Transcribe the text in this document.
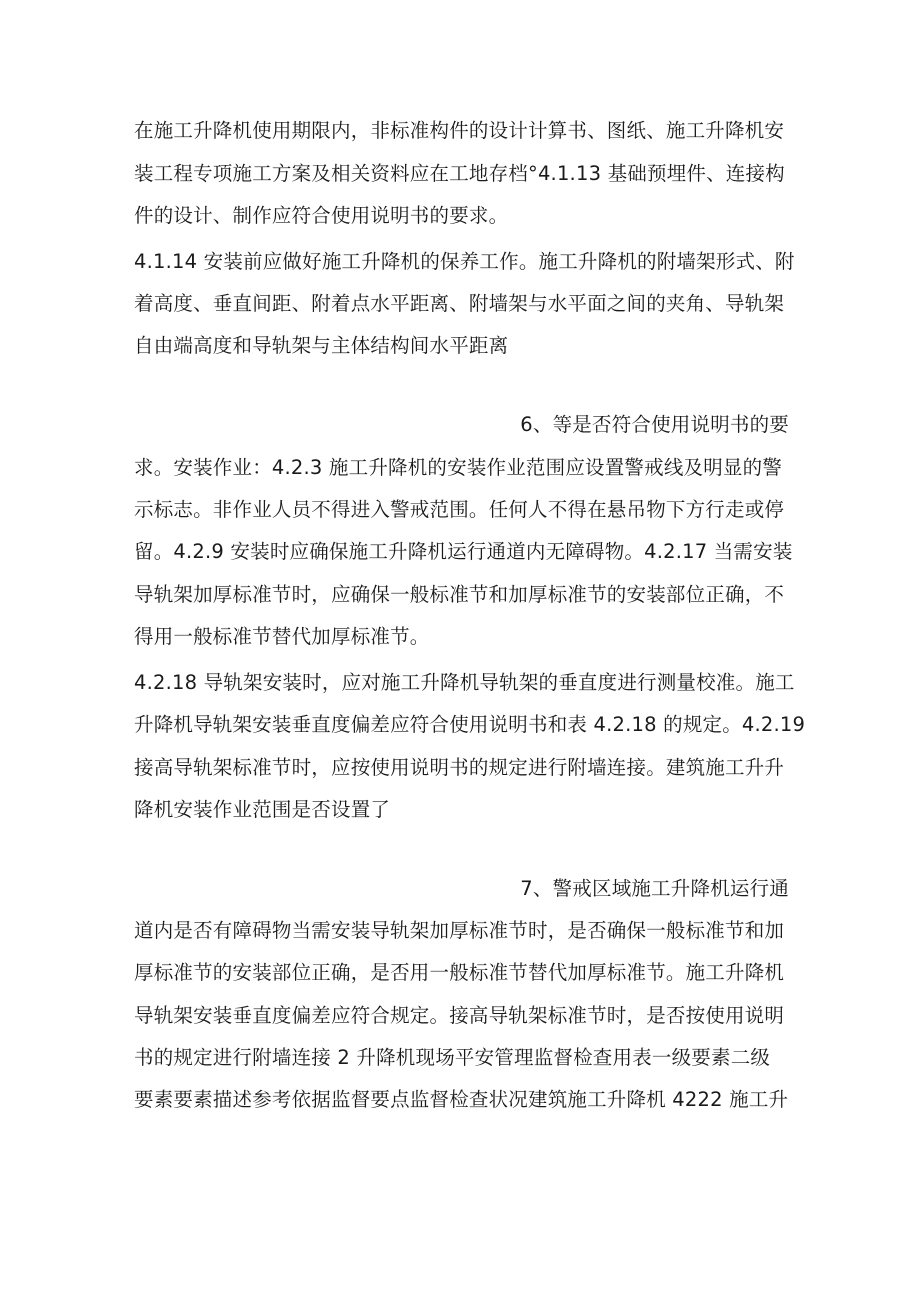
在施工升降机使用期限内，非标准构件的设计计算书、图纸、施工升降机安
装工程专项施工方案及相关资料应在工地存档°4.1.13 基础预埋件、连接构
件的设计、制作应符合使用说明书的要求。
4.1.14 安装前应做好施工升降机的保养工作。施工升降机的附墙架形式、附
着高度、垂直间距、附着点水平距离、附墙架与水平面之间的夹角、导轨架
自由端高度和导轨架与主体结构间水平距离
6、等是否符合使用说明书的要
求。安装作业：4.2.3 施工升降机的安装作业范围应设置警戒线及明显的警
示标志。非作业人员不得进入警戒范围。任何人不得在悬吊物下方行走或停
留。4.2.9 安装时应确保施工升降机运行通道内无障碍物。4.2.17 当需安装
导轨架加厚标准节时，应确保一般标准节和加厚标准节的安装部位正确，不
得用一般标准节替代加厚标准节。
4.2.18 导轨架安装时，应对施工升降机导轨架的垂直度进行测量校准。施工
升降机导轨架安装垂直度偏差应符合使用说明书和表 4.2.18 的规定。4.2.19
接高导轨架标准节时，应按使用说明书的规定进行附墙连接。建筑施工升升
降机安装作业范围是否设置了
7、警戒区域施工升降机运行通
道内是否有障碍物当需安装导轨架加厚标准节时，是否确保一般标准节和加
厚标准节的安装部位正确，是否用一般标准节替代加厚标准节。施工升降机
导轨架安装垂直度偏差应符合规定。接高导轨架标准节时，是否按使用说明
书的规定进行附墙连接 2 升降机现场平安管理监督检查用表一级要素二级
要素要素描述参考依据监督要点监督检查状况建筑施工升降机 4222 施工升
